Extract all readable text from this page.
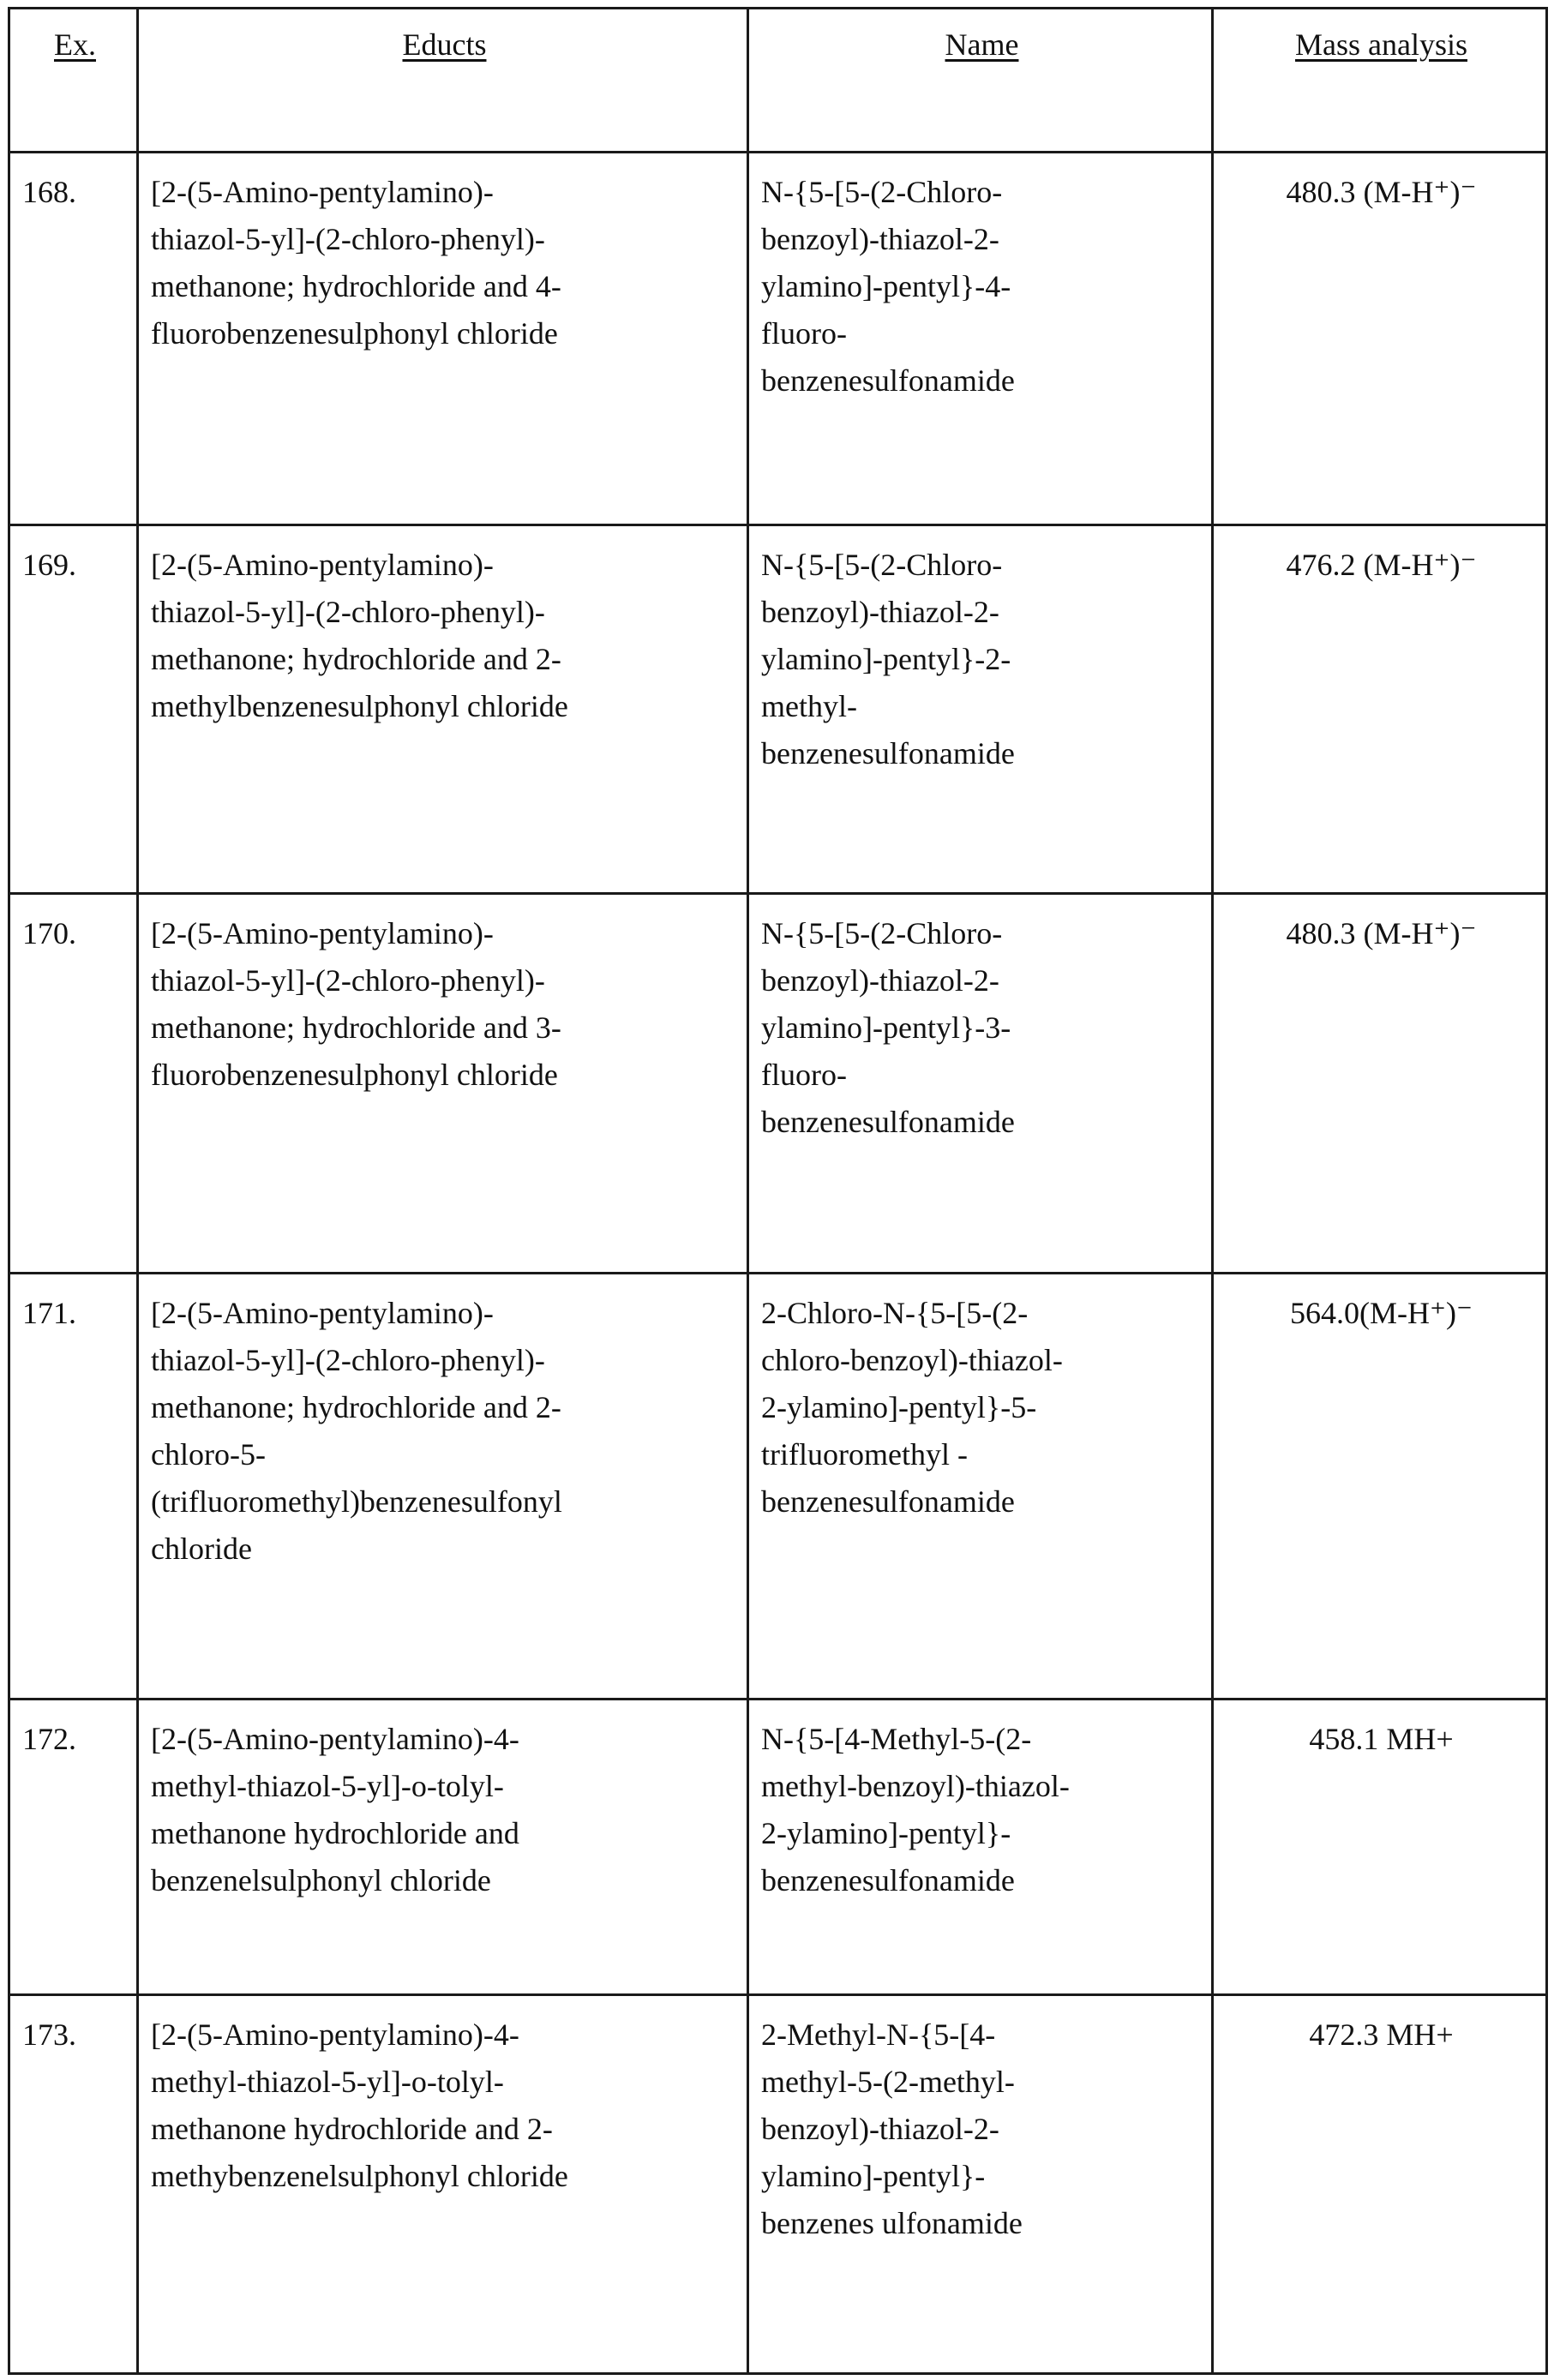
Ex.	Educts	Name	Mass analysis
168.	[2-(5-Amino-pentylamino)-
thiazol-5-yl]-(2-chloro-phenyl)-
methanone; hydrochloride and 4-
fluorobenzenesulphonyl chloride	N-{5-[5-(2-Chloro-
benzoyl)-thiazol-2-
ylamino]-pentyl}-4-
fluoro-
benzenesulfonamide	480.3 (M-H⁺)⁻
169.	[2-(5-Amino-pentylamino)-
thiazol-5-yl]-(2-chloro-phenyl)-
methanone; hydrochloride and 2-
methylbenzenesulphonyl chloride	N-{5-[5-(2-Chloro-
benzoyl)-thiazol-2-
ylamino]-pentyl}-2-
methyl-
benzenesulfonamide	476.2 (M-H⁺)⁻
170.	[2-(5-Amino-pentylamino)-
thiazol-5-yl]-(2-chloro-phenyl)-
methanone; hydrochloride and 3-
fluorobenzenesulphonyl chloride	N-{5-[5-(2-Chloro-
benzoyl)-thiazol-2-
ylamino]-pentyl}-3-
fluoro-
benzenesulfonamide	480.3 (M-H⁺)⁻
171.	[2-(5-Amino-pentylamino)-
thiazol-5-yl]-(2-chloro-phenyl)-
methanone; hydrochloride and 2-
chloro-5-
(trifluoromethyl)benzenesulfonyl
chloride	2-Chloro-N-{5-[5-(2-
chloro-benzoyl)-thiazol-
2-ylamino]-pentyl}-5-
trifluoromethyl -
benzenesulfonamide	564.0(M-H⁺)⁻
172.	[2-(5-Amino-pentylamino)-4-
methyl-thiazol-5-yl]-o-tolyl-
methanone hydrochloride and
benzenelsulphonyl chloride	N-{5-[4-Methyl-5-(2-
methyl-benzoyl)-thiazol-
2-ylamino]-pentyl}-
benzenesulfonamide	458.1 MH+
173.	[2-(5-Amino-pentylamino)-4-
methyl-thiazol-5-yl]-o-tolyl-
methanone hydrochloride and 2-
methybenzenelsulphonyl chloride	2-Methyl-N-{5-[4-
methyl-5-(2-methyl-
benzoyl)-thiazol-2-
ylamino]-pentyl}-
benzenes ulfonamide	472.3 MH+
